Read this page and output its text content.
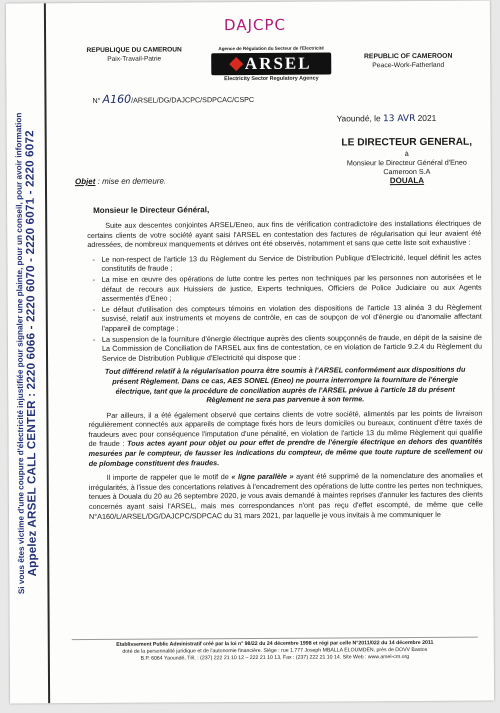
Si vous êtes victime d'une coupure d'électricité injustifiée pour signaler une plainte, pour un conseil, pour avoir information
Appelez ARSEL CALL CENTER : 2220 6066 - 2220 6070 - 2220 6071 - 2220 6072
DAJCPC
REPUBLIQUE DU CAMEROUN
Paix-Travail-Patrie
Agence de Régulation du Secteur de l'Electricité
ARSEL
Electricity Sector Regulatory Agency
REPUBLIC OF CAMEROON
Peace-Work-Fatherland
N° A160/ARSEL/DG/DAJCPC/SDPCAC/CSPC
Yaoundé, le 13 AVR 2021
LE DIRECTEUR GENERAL,
à
Monsieur le Directeur Général d'Eneo Cameroon S.A
DOUALA
Objet : mise en demeure.
Monsieur le Directeur Général,

Suite aux descentes conjointes ARSEL/Eneo, aux fins de vérification contradictoire des installations électriques de certains clients de votre société ayant saisi l'ARSEL en contestation des factures de régularisation qui leur avaient été adressées, de nombreux manquements et dérives ont été observés, notamment et sans que cette liste soit exhaustive :

- Le non-respect de l'article 13 du Règlement du Service de Distribution Publique d'Electricité, lequel définit les actes constitutifs de fraude ;
- La mise en œuvre des opérations de lutte contre les pertes non techniques par les personnes non autorisées et le défaut de recours aux Huissiers de justice, Experts techniques, Officiers de Police Judiciaire ou aux Agents assermentés d'Eneo ;
- Le défaut d'utilisation des compteurs témoins en violation des dispositions de l'article 13 alinéa 3 du Règlement susvisé, relatif aux instruments et moyens de contrôle, en cas de soupçon de vol d'énergie ou d'anomalie affectant l'appareil de comptage ;
- La suspension de la fourniture d'énergie électrique auprès des clients soupçonnés de fraude, en dépit de la saisine de La Commission de Conciliation de l'ARSEL aux fins de contestation, ce en violation de l'article 9.2.4 du Règlement du Service de Distribution Publique d'Electricité qui dispose que :

Tout différend relatif à la régularisation pourra être soumis à l'ARSEL conformément aux dispositions du présent Règlement. Dans ce cas, AES SONEL (Eneo) ne pourra interrompre la fourniture de l'énergie électrique, tant que la procédure de conciliation auprès de l'ARSEL prévue à l'article 18 du présent Règlement ne sera pas parvenue à son terme.

Par ailleurs, il a été également observé que certains clients de votre société, alimentés par les points de livraison régulièrement connectés aux appareils de comptage fixés hors de leurs domiciles ou bureaux, continuent d'être taxés de fraudeurs avec pour conséquence l'imputation d'une pénalité, en violation de l'article 13 du même Règlement qui qualifie de fraude : Tous actes ayant pour objet ou pour effet de prendre de l'énergie électrique en dehors des quantités mesurées par le compteur, de fausser les indications du compteur, de même que toute rupture de scellement ou de plombage constituent des fraudes.

Il importe de rappeler que le motif de « ligne parallèle » ayant été supprimé de la nomenclature des anomalies et irrégularités, à l'issue des concertations relatives à l'encadrement des opérations de lutte contre les pertes non techniques, tenues à Douala du 20 au 26 septembre 2020, je vous avais demandé à maintes reprises d'annuler les factures des clients concernés ayant saisi l'ARSEL, mais mes correspondances n'ont pas reçu d'effet escompté, de même que celle N°A160/L/ARSEL/DG/DAJCPC/SDPCAC du 31 mars 2021, par laquelle je vous invitais à me communiquer le

Etablissement Public Administratif créé par la loi n° 98/22 du 24 décembre 1998 et régi par celle N°2011/022 du 14 décembre 2011
doté de la personnalité juridique et de l'autonomie financière. Siège : rue 1.777 Joseph MBALLA ELOUMDEN, près de DOVV Bastos
B.P. 6064 Yaoundé, Tél. : (237) 222 21 10 12 – 222 21 10 13, Fax : (237) 222 21 10 14. Site Web : www.arsel-cm.org
